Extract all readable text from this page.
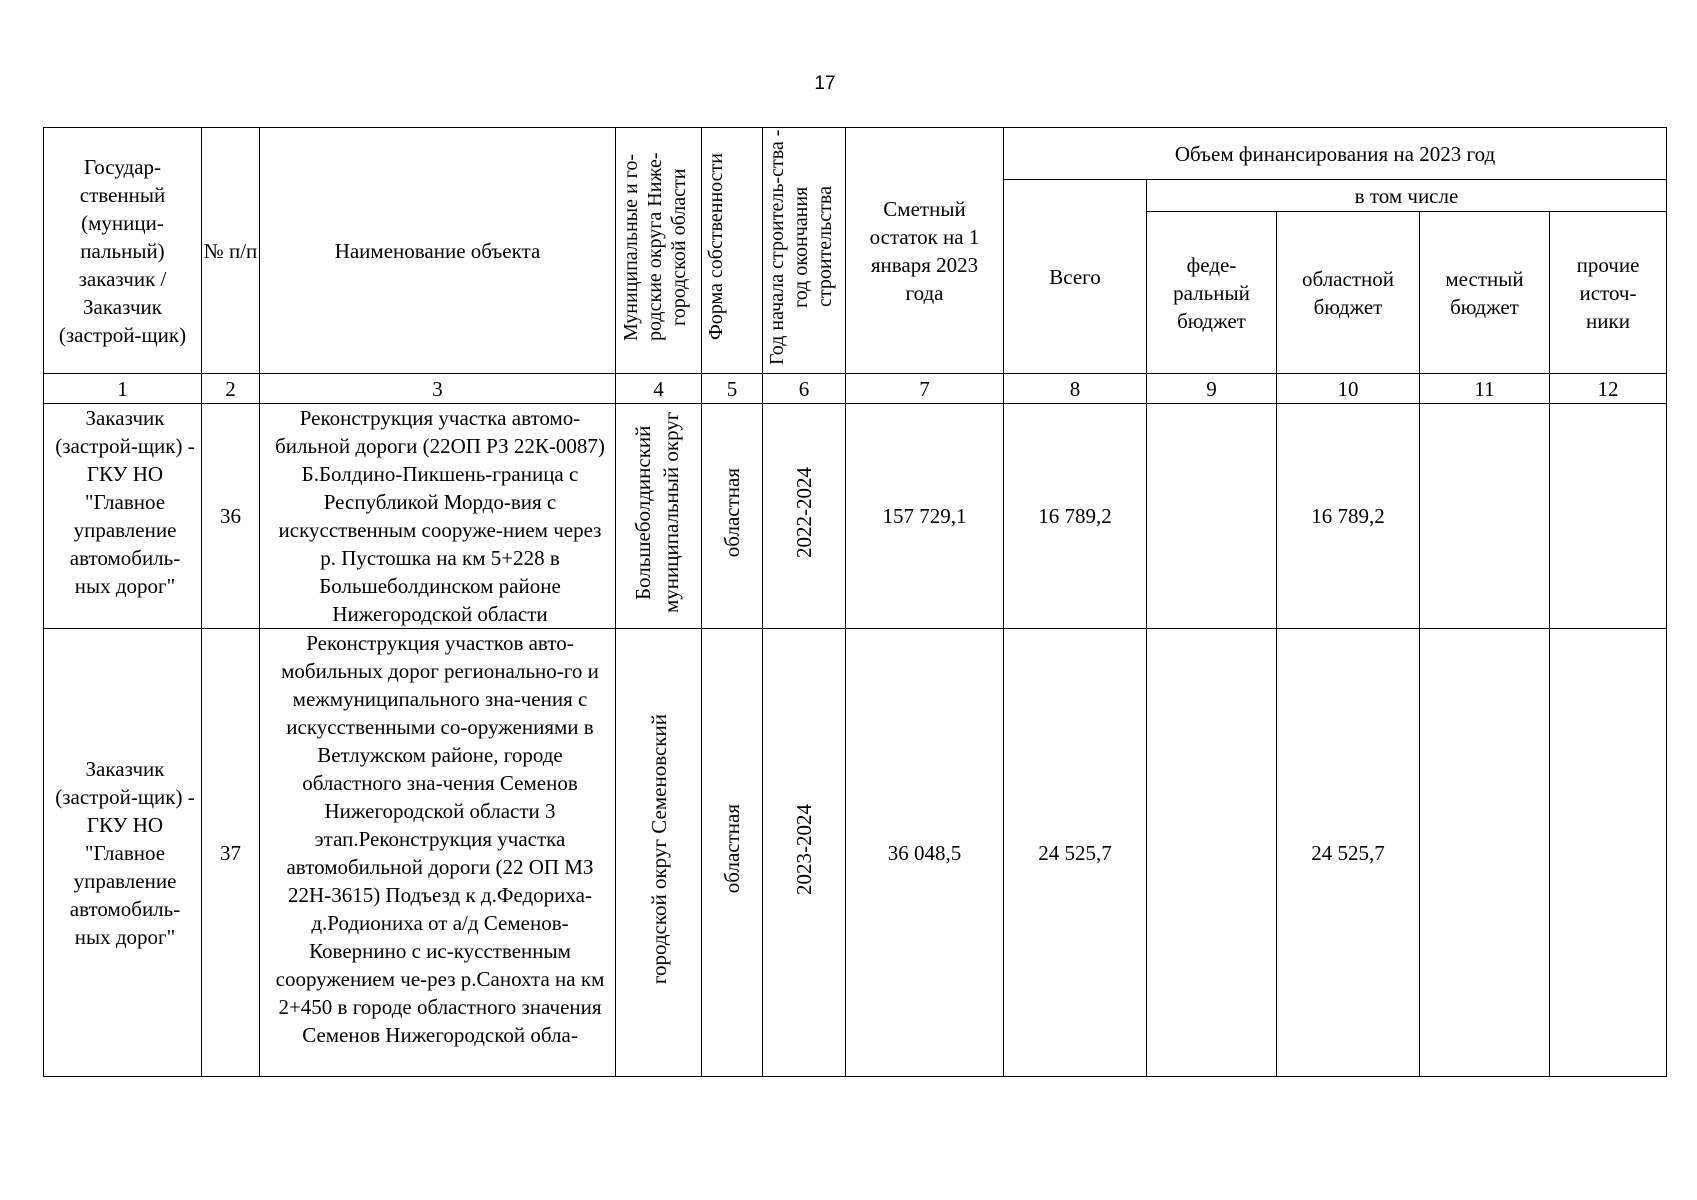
17
Государ-ственный (муници-пальный) заказчик / Заказчик (застрой-щик)	№ п/п	Наименование объекта	Муниципальные и го-родские округа Ниже-городской области	Форма собственности	Год начала строитель-ства - год окончания строительства	Сметный остаток на 1 января 2023 года	Объем финансирования на 2023 год				
							Всего	в том числе			
								феде-ральный бюджет	областной бюджет	местный бюджет	прочие источ-ники
1	2	3	4	5	6	7	8	9	10	11	12
Заказчик (застрой-щик) - ГКУ НО "Главное управление автомобиль-ных дорог"	36	Реконструкция участка автомо-бильной дороги (22ОП РЗ 22К-0087) Б.Болдино-Пикшень-граница с Республикой Мордо-вия с искусственным сооруже-нием через р. Пустошка на км 5+228 в Большеболдинском районе Нижегородской области	Большеболдинский муниципальный округ	областная	2022-2024	157 729,1	16 789,2		16 789,2		
Заказчик (застрой-щик) - ГКУ НО "Главное управление автомобиль-ных дорог"	37	Реконструкция участков авто-мобильных дорог регионально-го и межмуниципального зна-чения с искусственными со-оружениями в Ветлужском районе, городе областного зна-чения Семенов Нижегородской области 3 этап.Реконструкция участка автомобильной дороги (22 ОП МЗ 22Н-3615) Подъезд к д.Федориха-д.Родиониха от а/д Семенов-Ковернино с ис-кусственным сооружением че-рез р.Санохта на км 2+450 в городе областного значения Семенов Нижегородской обла-	городской округ Семеновский	областная	2023-2024	36 048,5	24 525,7		24 525,7		
